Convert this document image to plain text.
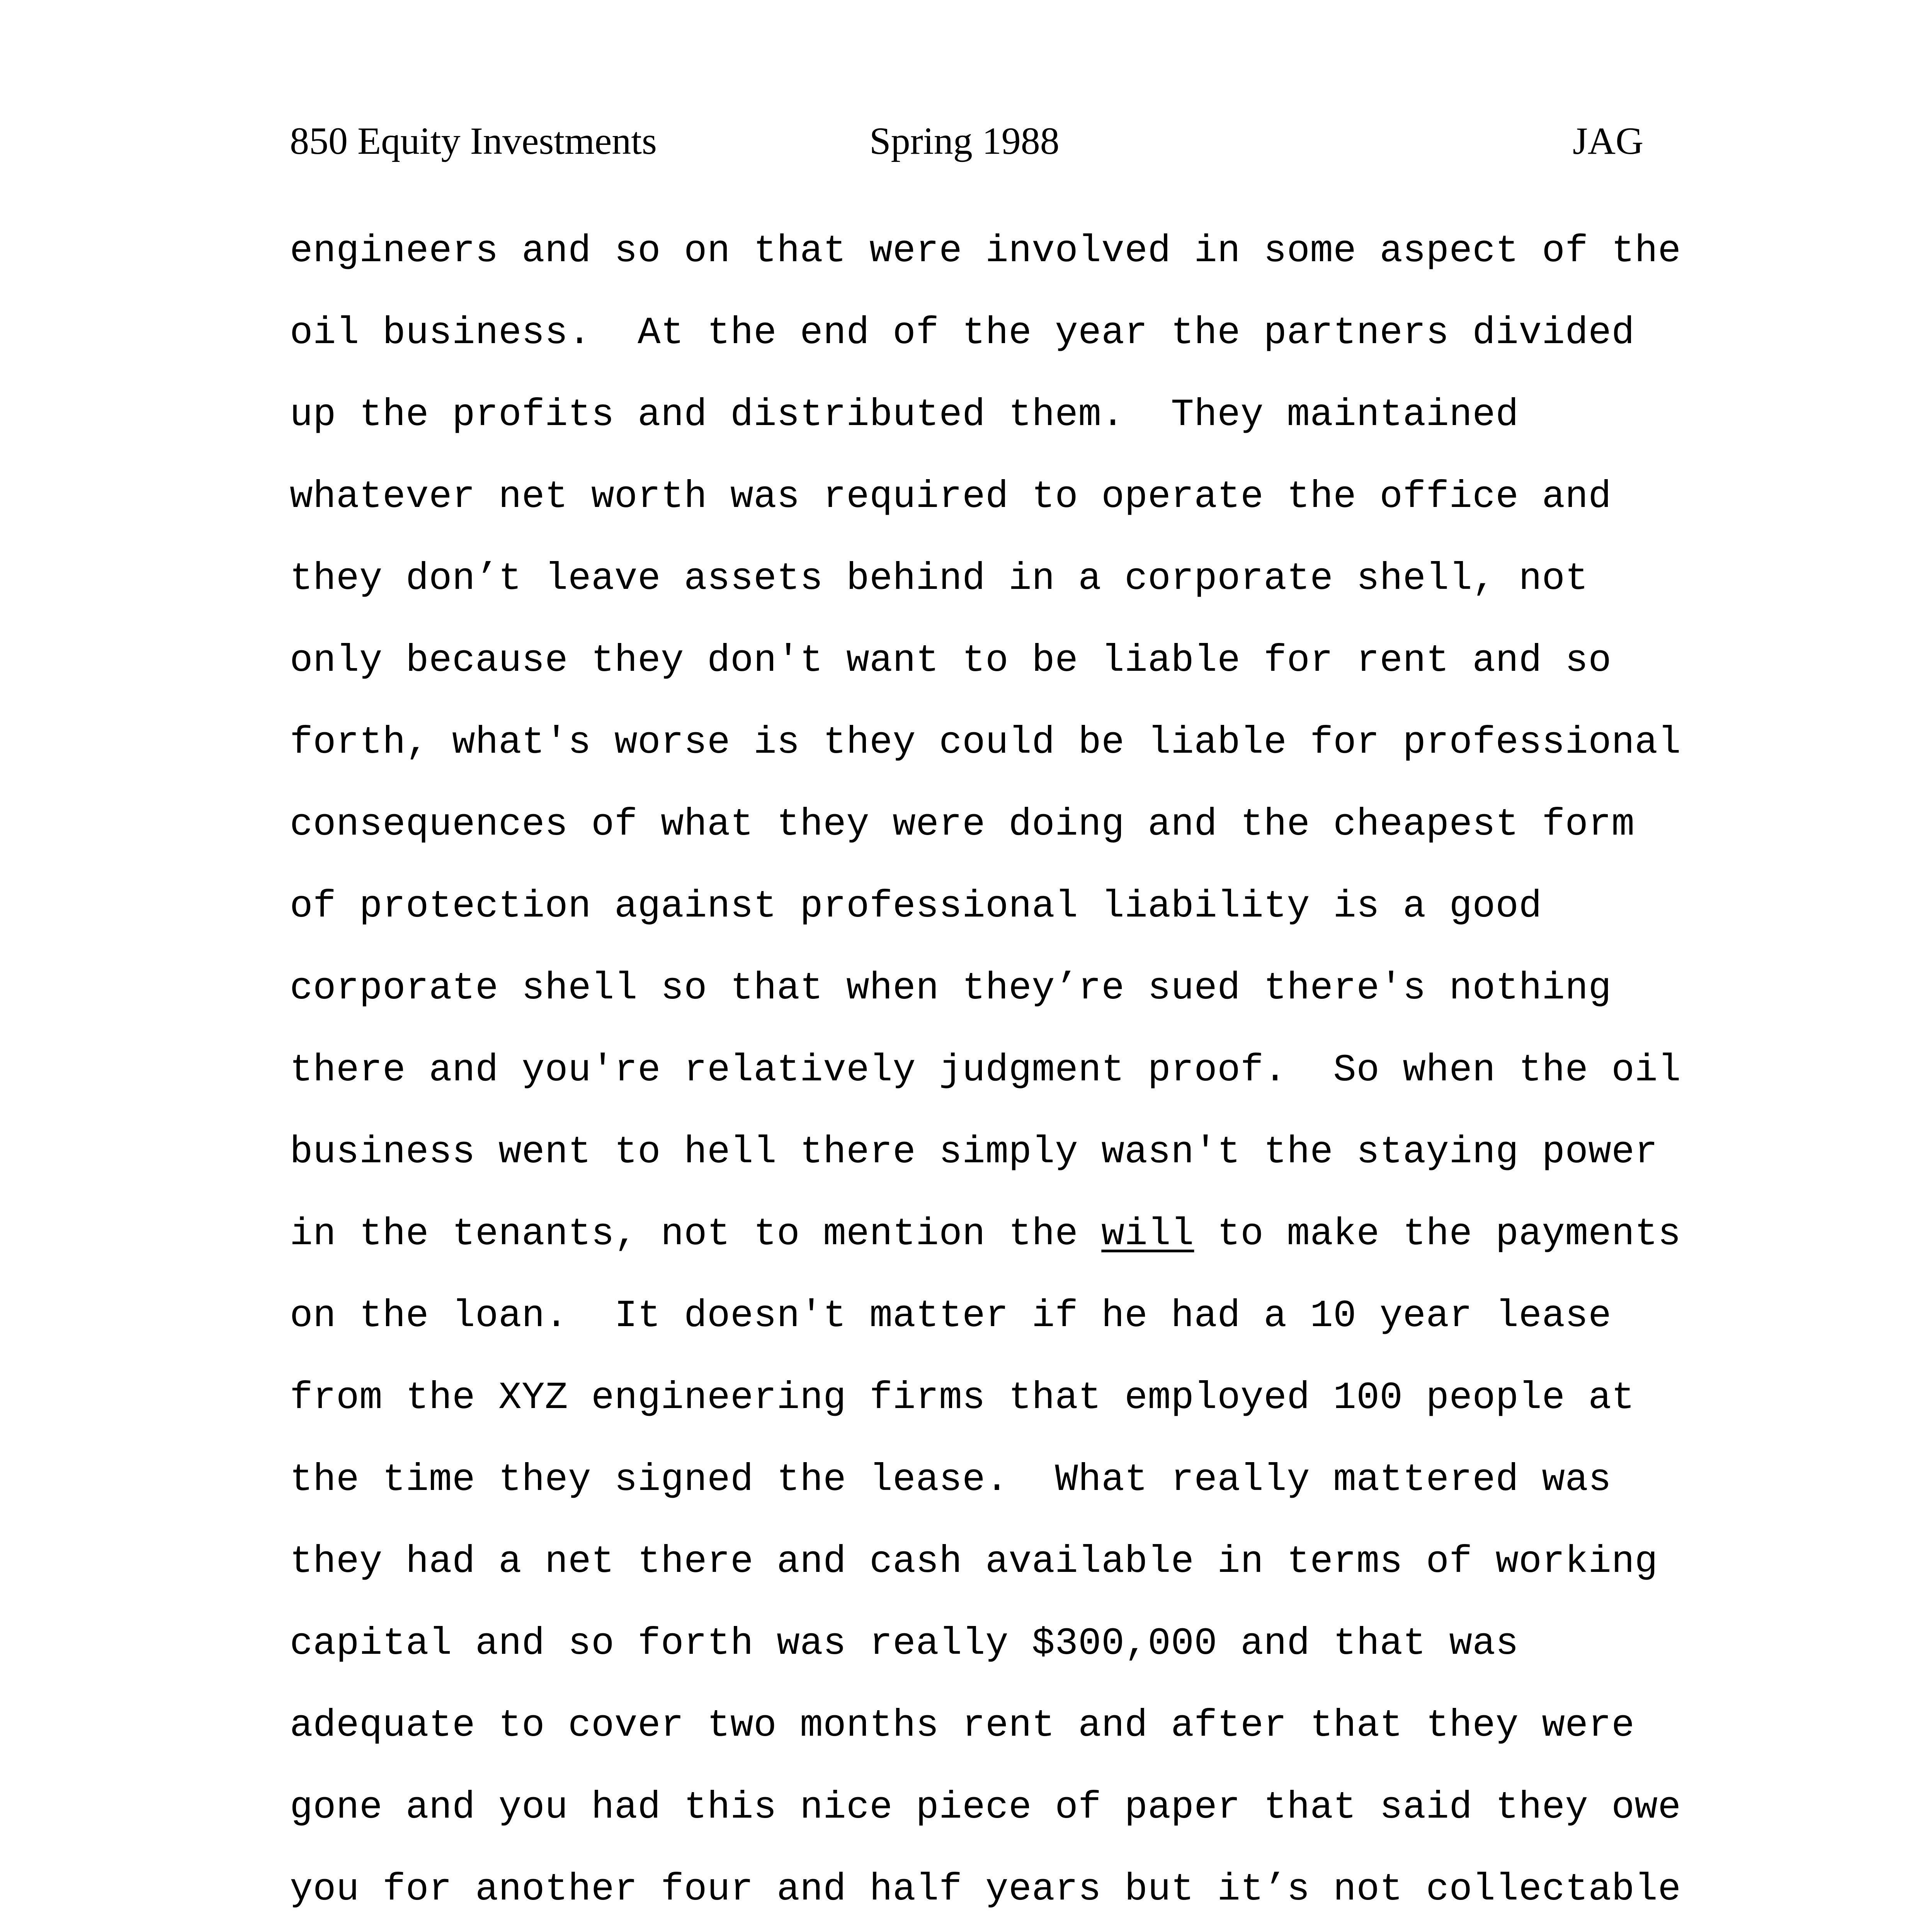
850 Equity Investments	Spring 1988	JAG
engineers and so on that were involved in some aspect of the
oil business.  At the end of the year the partners divided
up the profits and distributed them.  They maintained
whatever net worth was required to operate the office and
they don’t leave assets behind in a corporate shell, not
only because they don't want to be liable for rent and so
forth, what's worse is they could be liable for professional
consequences of what they were doing and the cheapest form
of protection against professional liability is a good
corporate shell so that when they’re sued there's nothing
there and you're relatively judgment proof.  So when the oil
business went to hell there simply wasn't the staying power
in the tenants, not to mention the will to make the payments
on the loan.  It doesn't matter if he had a 10 year lease
from the XYZ engineering firms that employed 100 people at
the time they signed the lease.  What really mattered was
they had a net there and cash available in terms of working
capital and so forth was really $300,000 and that was
adequate to cover two months rent and after that they were
gone and you had this nice piece of paper that said they owe
you for another four and half years but it’s not collectable
